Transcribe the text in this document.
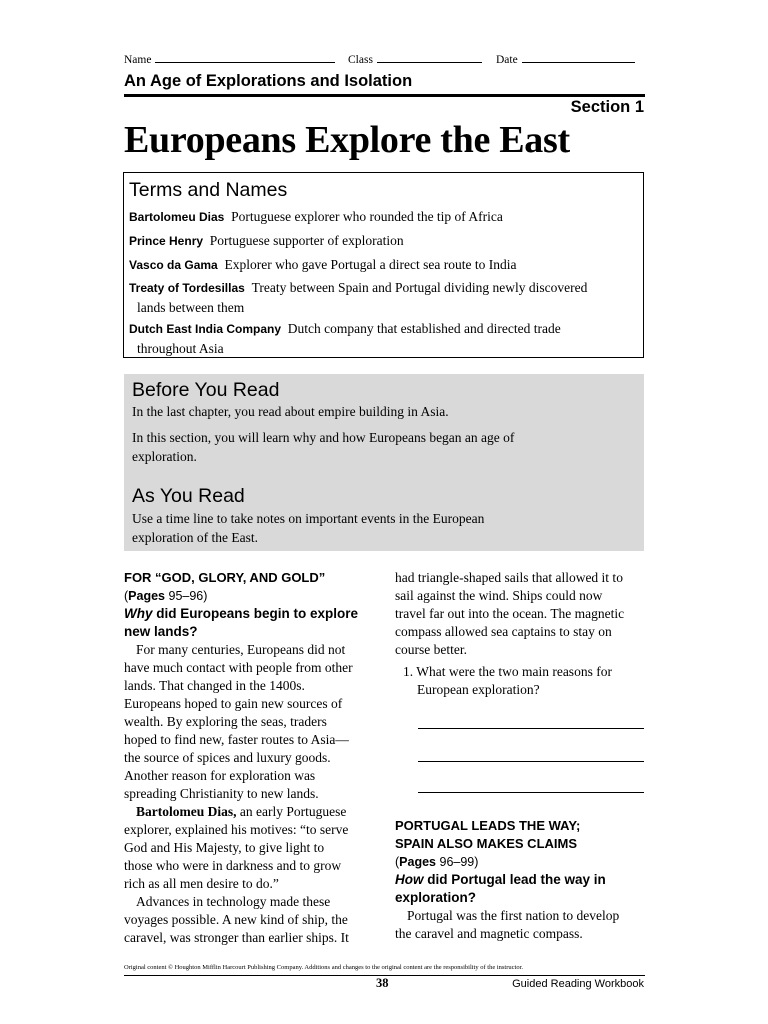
Name	Class	Date
An Age of Explorations and Isolation
Section 1
Europeans Explore the East
Terms and Names
Bartolomeu Dias Portuguese explorer who rounded the tip of Africa
Prince Henry Portuguese supporter of exploration
Vasco da Gama Explorer who gave Portugal a direct sea route to India
Treaty of Tordesillas Treaty between Spain and Portugal dividing newly discovered
lands between them
Dutch East India Company Dutch company that established and directed trade
throughout Asia
Before You Read
In the last chapter, you read about empire building in Asia.
In this section, you will learn why and how Europeans began an age of
exploration.
As You Read
Use a time line to take notes on important events in the European
exploration of the East.
FOR “GOD, GLORY, AND GOLD”
(Pages 95–96)
Why did Europeans begin to explore
new lands?
For many centuries, Europeans did not
have much contact with people from other
lands. That changed in the 1400s.
Europeans hoped to gain new sources of
wealth. By exploring the seas, traders
hoped to find new, faster routes to Asia—
the source of spices and luxury goods.
Another reason for exploration was
spreading Christianity to new lands.
Bartolomeu Dias, an early Portuguese
explorer, explained his motives: “to serve
God and His Majesty, to give light to
those who were in darkness and to grow
rich as all men desire to do.”
Advances in technology made these
voyages possible. A new kind of ship, the
caravel, was stronger than earlier ships. It
had triangle-shaped sails that allowed it to
sail against the wind. Ships could now
travel far out into the ocean. The magnetic
compass allowed sea captains to stay on
course better.
1. What were the two main reasons for
European exploration?
PORTUGAL LEADS THE WAY;
SPAIN ALSO MAKES CLAIMS
(Pages 96–99)
How did Portugal lead the way in
exploration?
Portugal was the first nation to develop
the caravel and magnetic compass.
Original content © Houghton Mifflin Harcourt Publishing Company. Additions and changes to the original content are the responsibility of the instructor.
38	Guided Reading Workbook
